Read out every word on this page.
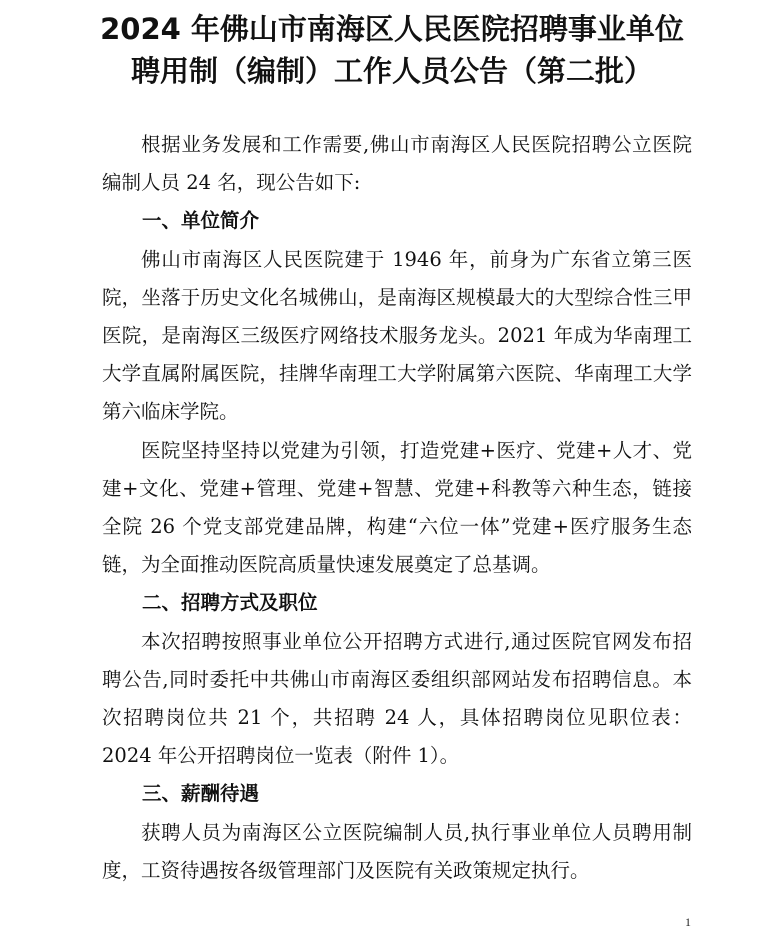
2024 年佛山市南海区人民医院招聘事业单位
聘用制（编制）工作人员公告（第二批）

根据业务发展和工作需要,佛山市南海区人民医院招聘公立医院编制人员 24 名，现公告如下:

一、单位简介

佛山市南海区人民医院建于 1946 年，前身为广东省立第三医院，坐落于历史文化名城佛山，是南海区规模最大的大型综合性三甲医院，是南海区三级医疗网络技术服务龙头。2021 年成为华南理工大学直属附属医院，挂牌华南理工大学附属第六医院、华南理工大学第六临床学院。

医院坚持坚持以党建为引领，打造党建+医疗、党建+人才、党建+文化、党建+管理、党建+智慧、党建+科教等六种生态，链接全院 26 个党支部党建品牌，构建“六位一体”党建+医疗服务生态链，为全面推动医院高质量快速发展奠定了总基调。

二、招聘方式及职位

本次招聘按照事业单位公开招聘方式进行,通过医院官网发布招聘公告,同时委托中共佛山市南海区委组织部网站发布招聘信息。本次招聘岗位共 21 个，共招聘 24 人，具体招聘岗位见职位表：2024 年公开招聘岗位一览表（附件 1）。

三、薪酬待遇

获聘人员为南海区公立医院编制人员,执行事业单位人员聘用制度，工资待遇按各级管理部门及医院有关政策规定执行。

1
